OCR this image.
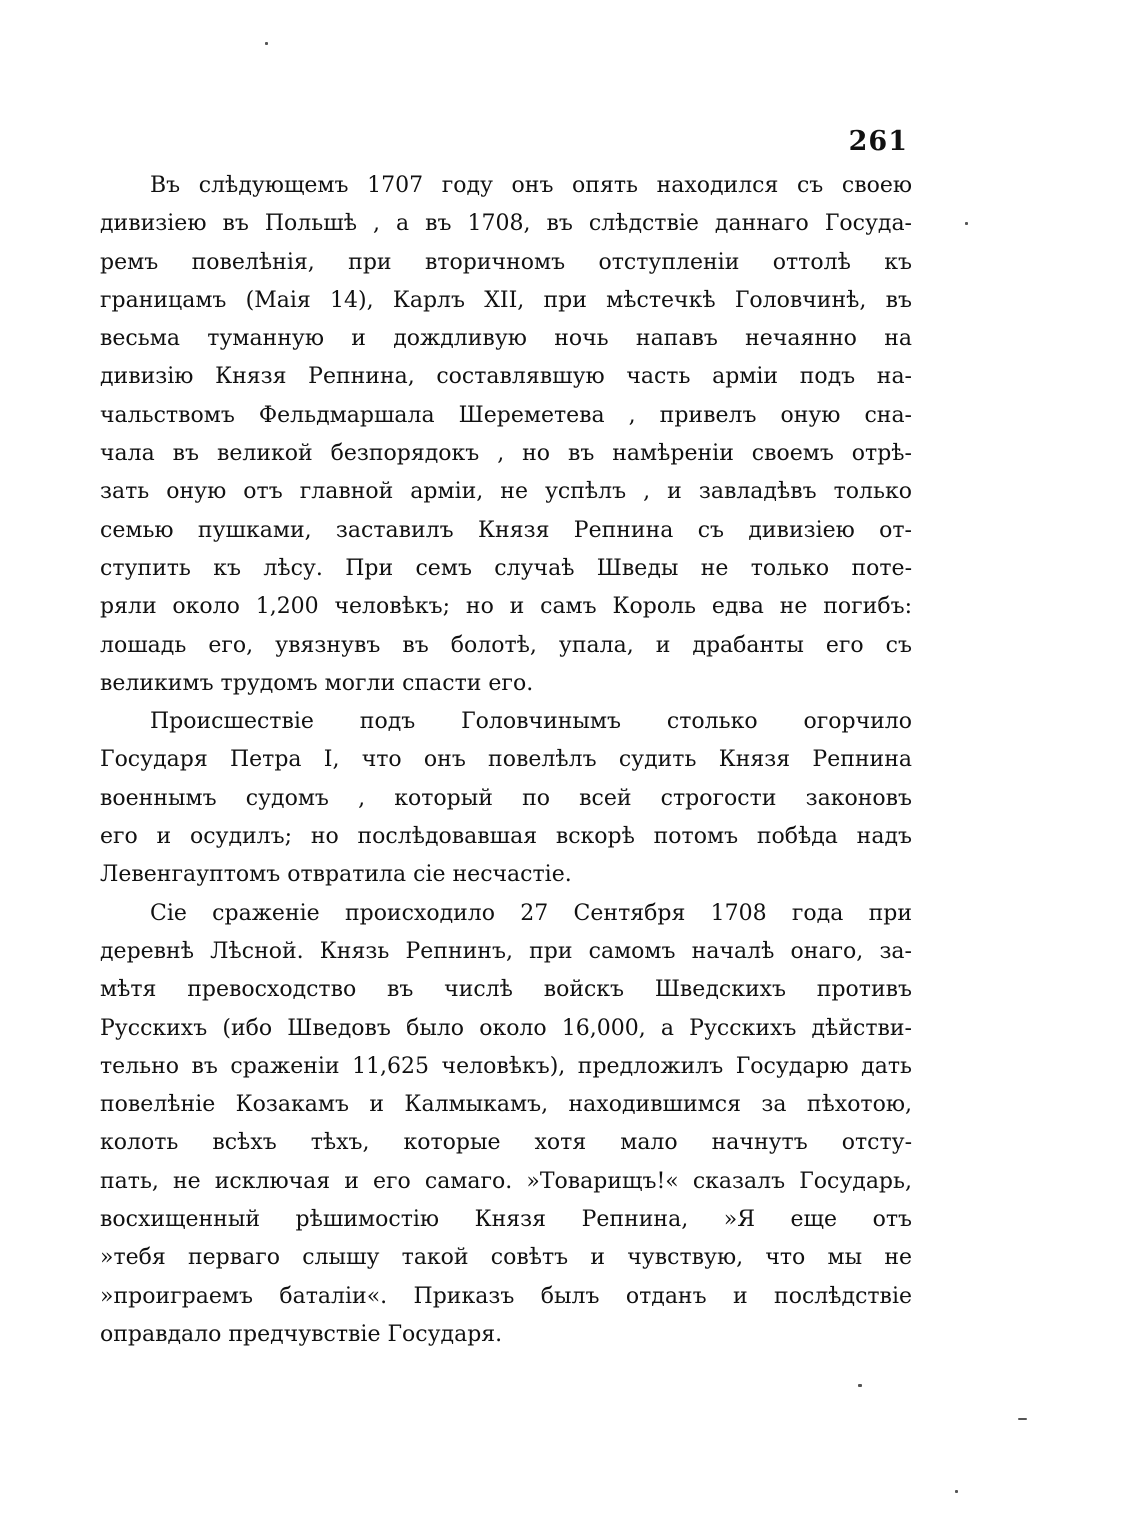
261
Въ слѣдующемъ 1707 году онъ опять находился съ своею
дивизіею въ Польшѣ , а въ 1708, въ слѣдствіе даннаго Госуда-
ремъ повелѣнія, при вторичномъ отступленіи оттолѣ къ
границамъ (Маія 14), Карлъ XII, при мѣстечкѣ Головчинѣ, въ
весьма туманную и дождливую ночь напавъ нечаянно на
дивизію Князя Репнина, составлявшую часть арміи подъ на-
чальствомъ Фельдмаршала Шереметева , привелъ оную сна-
чала въ великой безпорядокъ , но въ намѣреніи своемъ отрѣ-
зать оную отъ главной арміи, не успѣлъ , и завладѣвъ только
семью пушками, заставилъ Князя Репнина съ дивизіею от-
ступить къ лѣсу. При семъ случаѣ Шведы не только поте-
ряли около 1,200 человѣкъ; но и самъ Король едва не погибъ:
лошадь его, увязнувъ въ болотѣ, упала, и драбанты его съ
великимъ трудомъ могли спасти его.
Происшествіе подъ Головчинымъ столько огорчило
Государя Петра I, что онъ повелѣлъ судить Князя Репнина
военнымъ судомъ , который по всей строгости законовъ
его и осудилъ; но послѣдовавшая вскорѣ потомъ побѣда надъ
Левенгауптомъ отвратила сіе несчастіе.
Сіе сраженіе происходило 27 Сентября 1708 года при
деревнѣ Лѣсной. Князь Репнинъ, при самомъ началѣ онаго, за-
мѣтя превосходство въ числѣ войскъ Шведскихъ противъ
Русскихъ (ибо Шведовъ было около 16,000, а Русскихъ дѣйстви-
тельно въ сраженіи 11,625 человѣкъ), предложилъ Государю дать
повелѣніе Козакамъ и Калмыкамъ, находившимся за пѣхотою,
колоть всѣхъ тѣхъ, которые хотя мало начнутъ отсту-
пать, не исключая и его самаго. »Товарищъ!« сказалъ Государь,
восхищенный рѣшимостію Князя Репнина, »Я еще отъ
»тебя перваго слышу такой совѣтъ и чувствую, что мы не
»проиграемъ баталіи«. Приказъ былъ отданъ и послѣдствіе
оправдало предчувствіе Государя.
